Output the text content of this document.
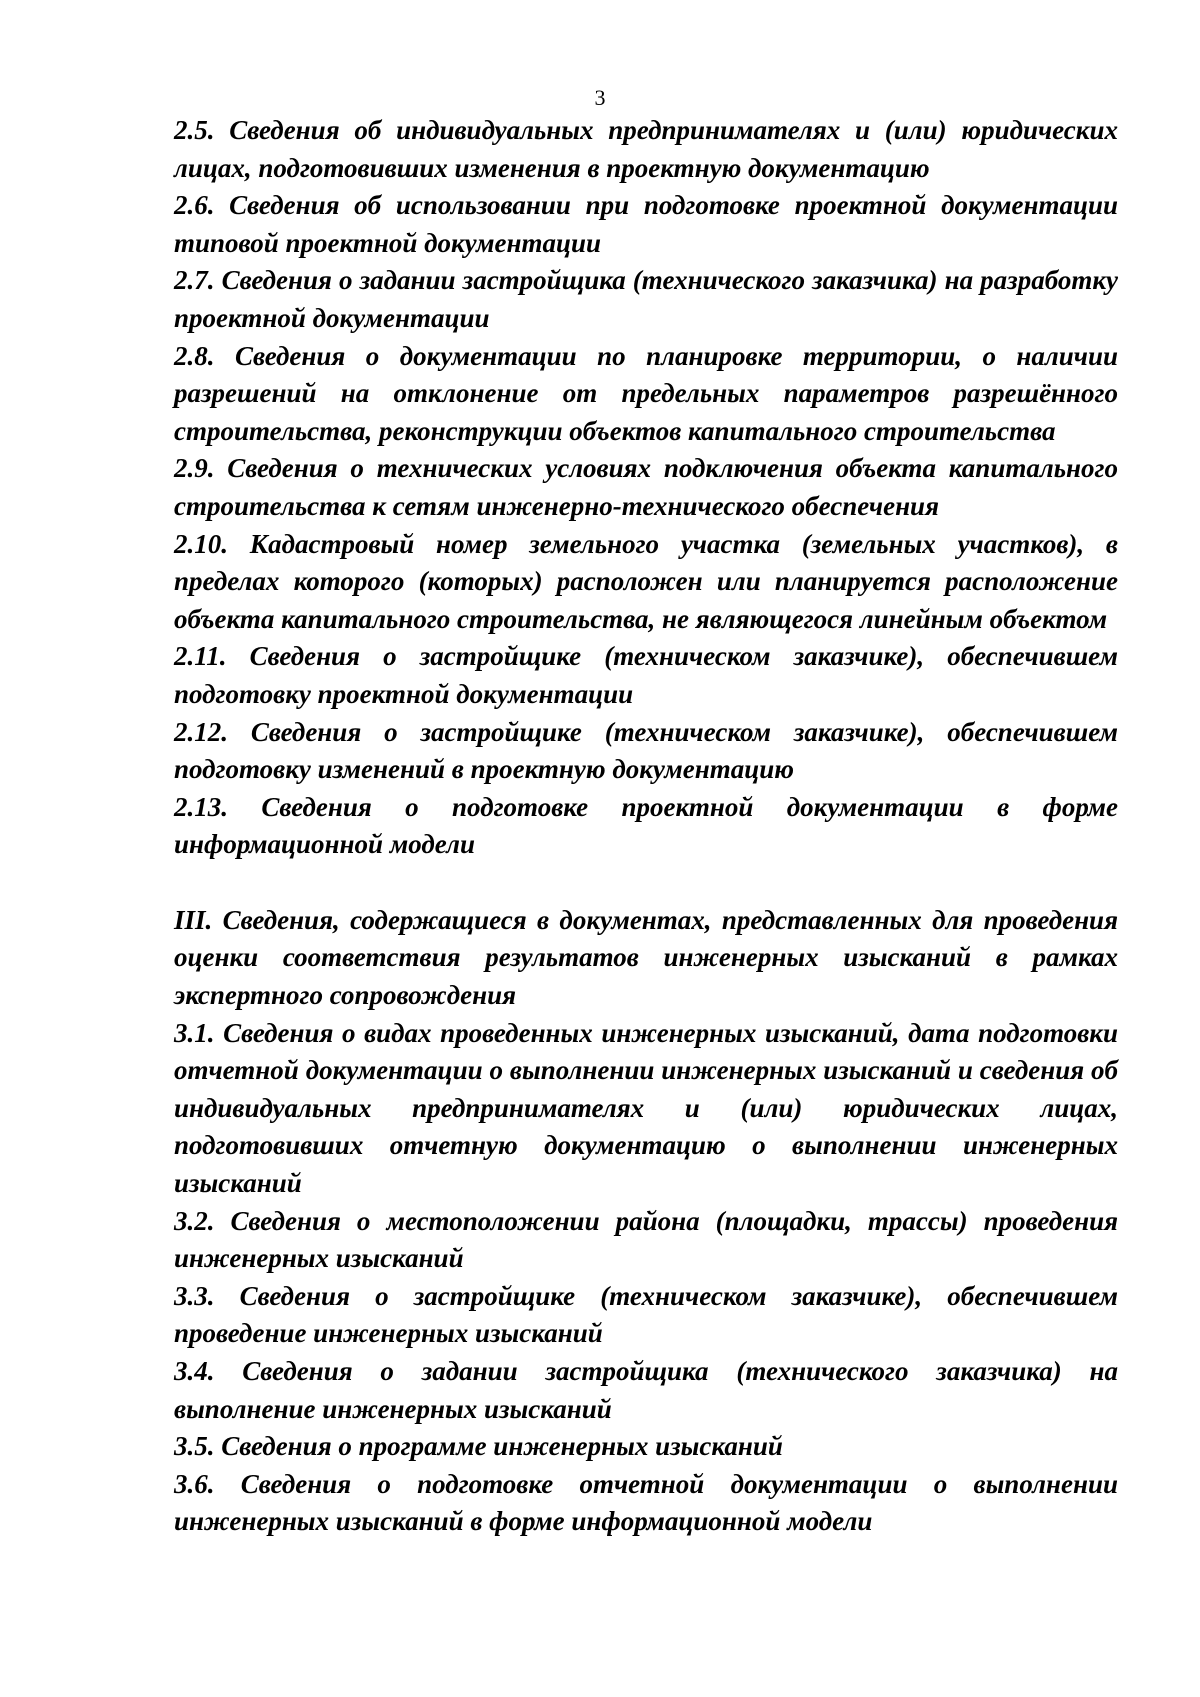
3

2.5. Сведения об индивидуальных предпринимателях и (или) юридических лицах, подготовивших изменения в проектную документацию

2.6. Сведения об использовании при подготовке проектной документации типовой проектной документации

2.7. Сведения о задании застройщика (технического заказчика) на разработку проектной документации

2.8. Сведения о документации по планировке территории, о наличии разрешений на отклонение от предельных параметров разрешённого строительства, реконструкции объектов капитального строительства

2.9. Сведения о технических условиях подключения объекта капитального строительства к сетям инженерно-технического обеспечения

2.10. Кадастровый номер земельного участка (земельных участков), в пределах которого (которых) расположен или планируется расположение объекта капитального строительства, не являющегося линейным объектом

2.11. Сведения о застройщике (техническом заказчике), обеспечившем подготовку проектной документации

2.12. Сведения о застройщике (техническом заказчике), обеспечившем подготовку изменений в проектную документацию

2.13. Сведения о подготовке проектной документации в форме информационной модели

III. Сведения, содержащиеся в документах, представленных для проведения оценки соответствия результатов инженерных изысканий в рамках экспертного сопровождения

3.1. Сведения о видах проведенных инженерных изысканий, дата подготовки отчетной документации о выполнении инженерных изысканий и сведения об индивидуальных предпринимателях и (или) юридических лицах, подготовивших отчетную документацию о выполнении инженерных изысканий

3.2. Сведения о местоположении района (площадки, трассы) проведения инженерных изысканий

3.3. Сведения о застройщике (техническом заказчике), обеспечившем проведение инженерных изысканий

3.4. Сведения о задании застройщика (технического заказчика) на выполнение инженерных изысканий

3.5. Сведения о программе инженерных изысканий

3.6. Сведения о подготовке отчетной документации о выполнении инженерных изысканий в форме информационной модели
